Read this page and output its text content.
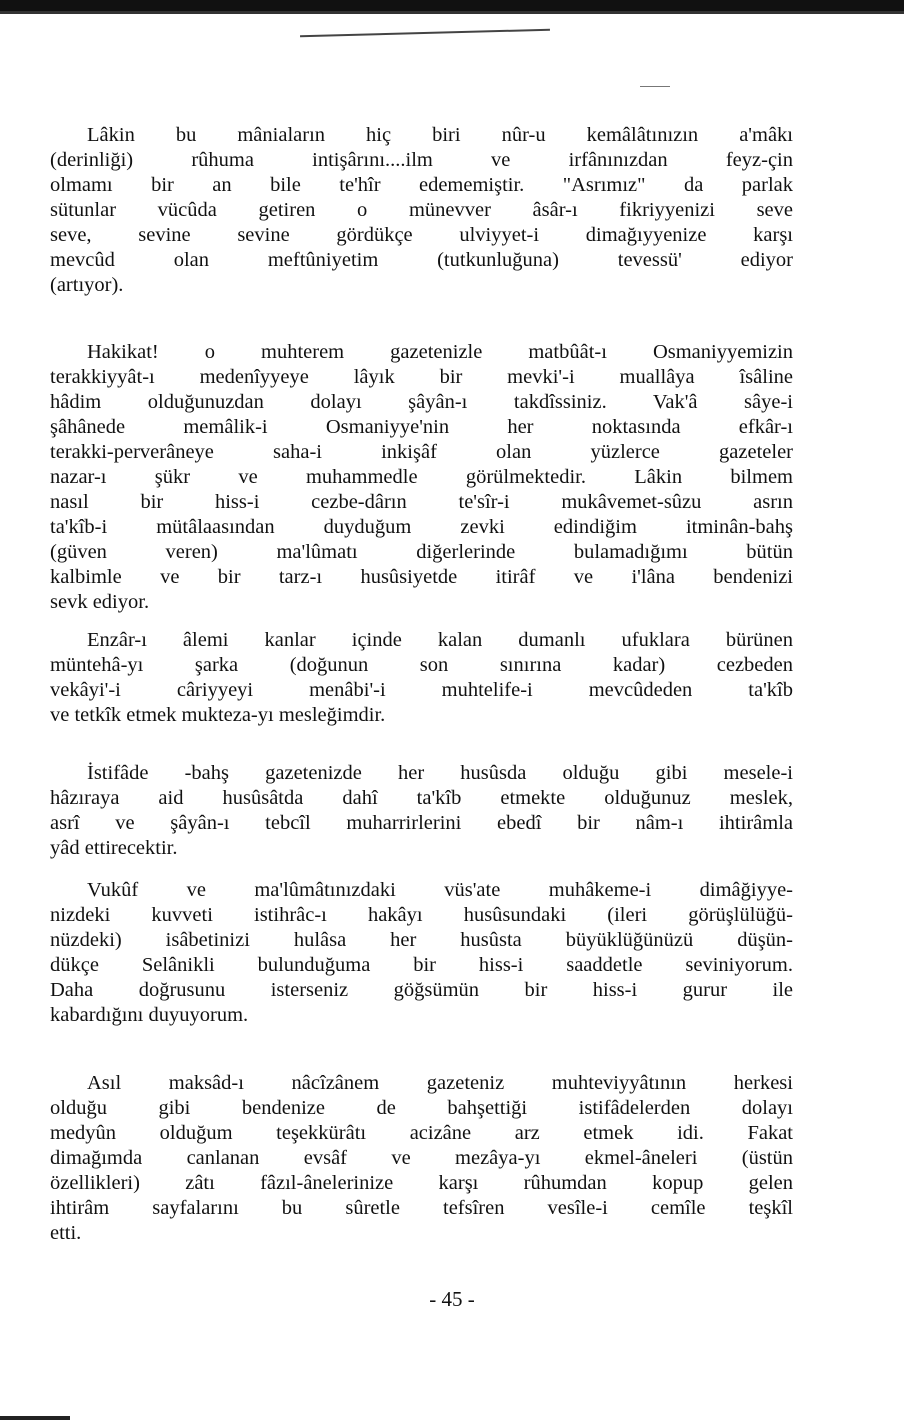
Lâkin bu mâniaların hiç biri nûr-u kemâlâtınızın a'mâkı
(derinliği) rûhuma intişârını....ilm ve irfânınızdan feyz-çin
olmamı bir an bile te'hîr edememiştir. "Asrımız" da parlak
sütunlar vücûda getiren o münevver âsâr-ı fikriyyenizi seve
seve, sevine sevine gördükçe ulviyyet-i dimağıyyenize karşı
mevcûd olan meftûniyetim (tutkunluğuna) tevessü' ediyor
(artıyor).
Hakikat! o muhterem gazetenizle matbûât-ı Osmaniyyemizin
terakkiyyât-ı medenîyyeye lâyık bir mevki'-i muallâya îsâline
hâdim olduğunuzdan dolayı şâyân-ı takdîssiniz. Vak'â sâye-i
şâhânede memâlik-i Osmaniyye'nin her noktasında efkâr-ı
terakki-perverâneye saha-i inkişâf olan yüzlerce gazeteler
nazar-ı şükr ve muhammedle görülmektedir. Lâkin bilmem
nasıl bir hiss-i cezbe-dârın te'sîr-i mukâvemet-sûzu asrın
ta'kîb-i mütâlaasından duyduğum zevki edindiğim itminân-bahş
(güven veren) ma'lûmatı diğerlerinde bulamadığımı bütün
kalbimle ve bir tarz-ı husûsiyetde itirâf ve i'lâna bendenizi
sevk ediyor.
Enzâr-ı âlemi kanlar içinde kalan dumanlı ufuklara bürünen
müntehâ-yı şarka (doğunun son sınırına kadar) cezbeden
vekâyi'-i câriyyeyi menâbi'-i muhtelife-i mevcûdeden ta'kîb
ve tetkîk etmek mukteza-yı mesleğimdir.
İstifâde -bahş gazetenizde her husûsda olduğu gibi mesele-i
hâzıraya aid husûsâtda dahî ta'kîb etmekte olduğunuz meslek,
asrî ve şâyân-ı tebcîl muharrirlerini ebedî bir nâm-ı ihtirâmla
yâd ettirecektir.
Vukûf ve ma'lûmâtınızdaki vüs'ate muhâkeme-i dimâğiyye-
nizdeki kuvveti istihrâc-ı hakâyı husûsundaki (ileri görüşlülüğü-
nüzdeki) isâbetinizi hulâsa her husûsta büyüklüğünüzü düşün-
dükçe Selânikli bulunduğuma bir hiss-i saaddetle seviniyorum.
Daha doğrusunu isterseniz göğsümün bir hiss-i gurur ile
kabardığını duyuyorum.
Asıl maksâd-ı nâcîzânem gazeteniz muhteviyyâtının herkesi
olduğu gibi bendenize de bahşettiği istifâdelerden dolayı
medyûn olduğum teşekkürâtı acizâne arz etmek idi. Fakat
dimağımda canlanan evsâf ve mezâya-yı ekmel-âneleri (üstün
özellikleri) zâtı fâzıl-ânelerinize karşı rûhumdan kopup gelen
ihtirâm sayfalarını bu sûretle tefsîren vesîle-i cemîle teşkîl
etti.
- 45 -
